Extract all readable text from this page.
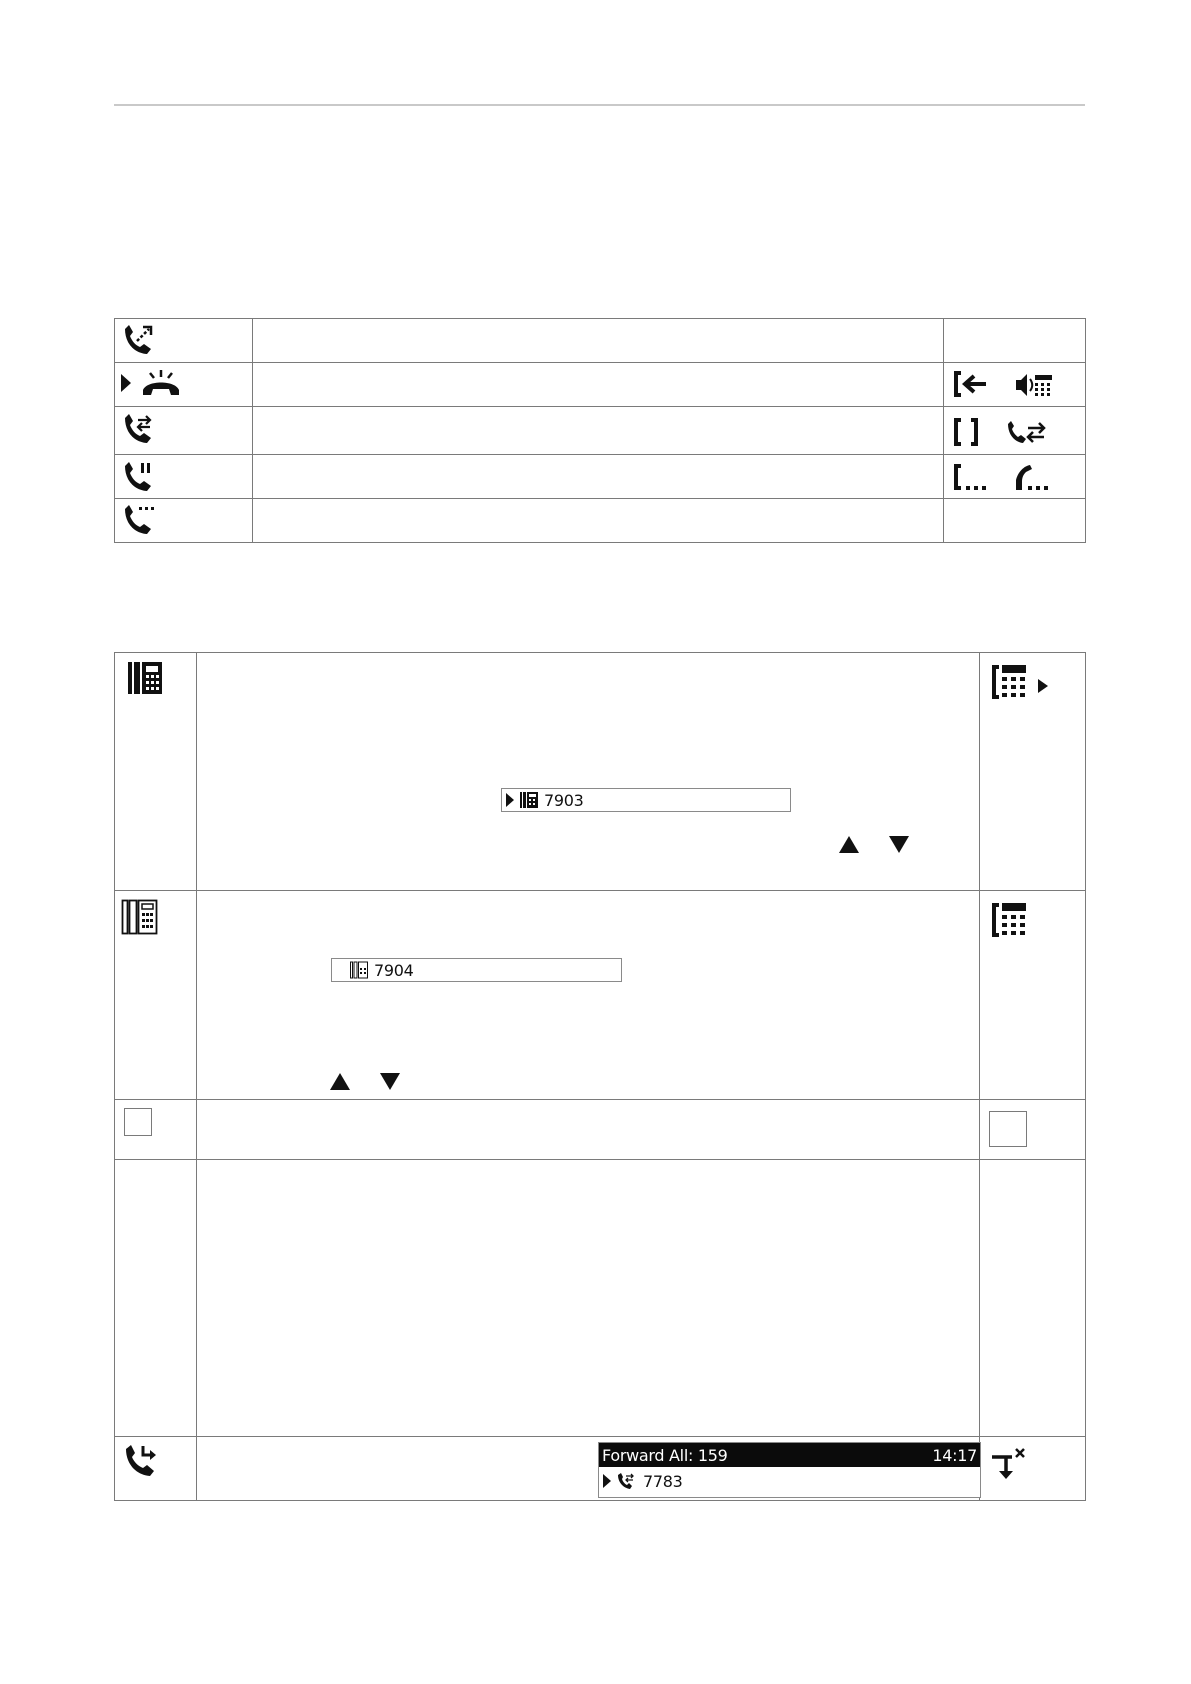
7903

7904

Forward All: 159 14:17
7783
